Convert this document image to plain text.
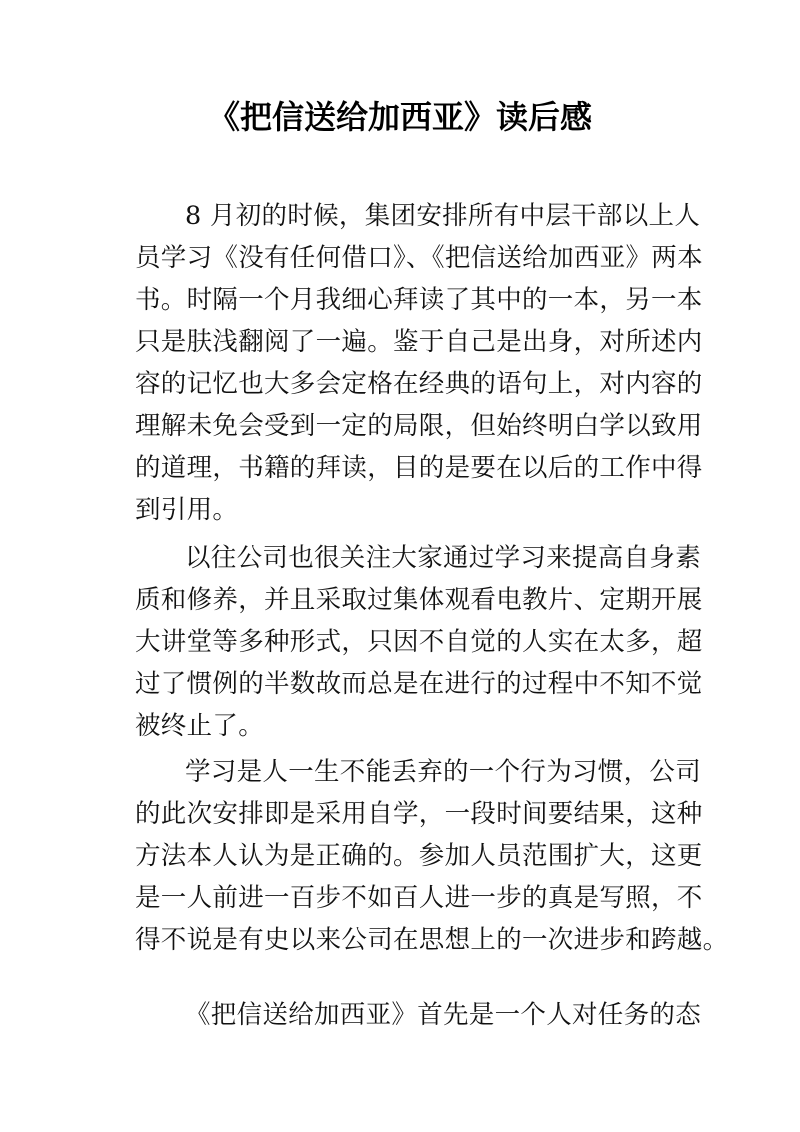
《把信送给加西亚》读后感
8 月初的时候，集团安排所有中层干部以上人
员学习《没有任何借口》、《把信送给加西亚》两本
书。时隔一个月我细心拜读了其中的一本，另一本
只是肤浅翻阅了一遍。鉴于自己是出身，对所述内
容的记忆也大多会定格在经典的语句上，对内容的
理解未免会受到一定的局限，但始终明白学以致用
的道理，书籍的拜读，目的是要在以后的工作中得
到引用。
以往公司也很关注大家通过学习来提高自身素
质和修养，并且采取过集体观看电教片、定期开展
大讲堂等多种形式，只因不自觉的人实在太多，超
过了惯例的半数故而总是在进行的过程中不知不觉
被终止了。
学习是人一生不能丢弃的一个行为习惯，公司
的此次安排即是采用自学，一段时间要结果，这种
方法本人认为是正确的。参加人员范围扩大，这更
是一人前进一百步不如百人进一步的真是写照，不
得不说是有史以来公司在思想上的一次进步和跨越。
《把信送给加西亚》首先是一个人对任务的态
